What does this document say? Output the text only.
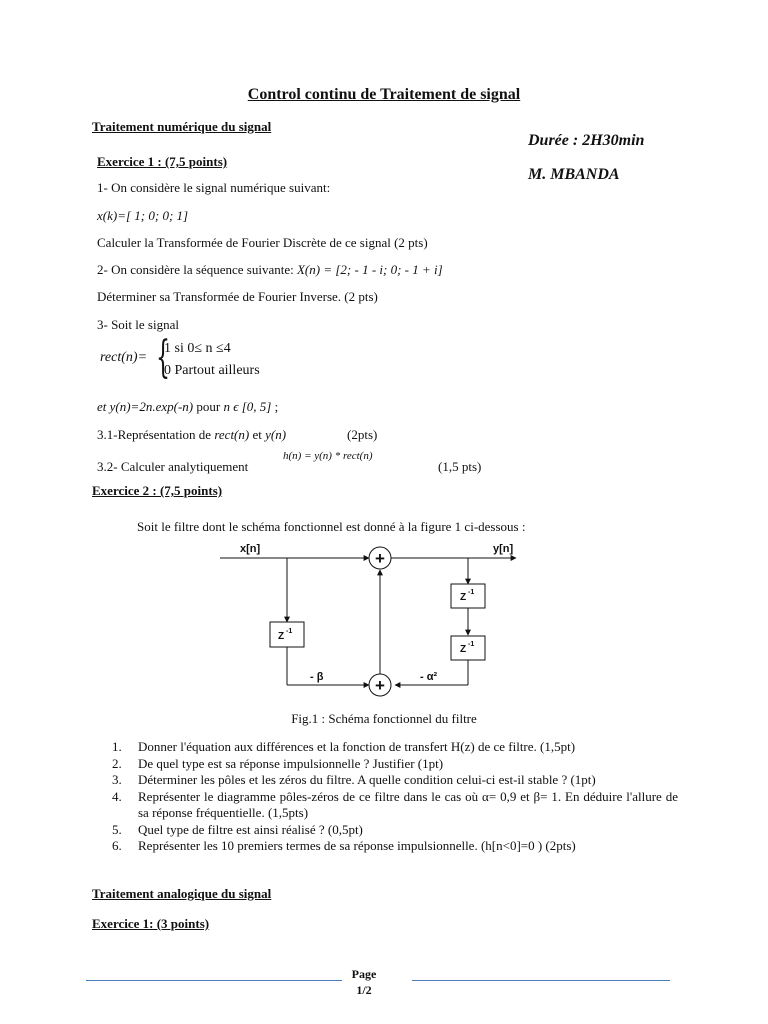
Control continu de Traitement de signal
Traitement numérique du signal
Durée : 2H30min
M. MBANDA
Exercice 1 : (7,5 points)
1- On considère le signal numérique suivant:
x(k)=[ 1; 0; 0; 1]
Calculer la Transformée de Fourier Discrète de ce signal (2 pts)
2- On considère la séquence suivante: X(n) = [2; - 1 - i; 0; - 1 + i]
Déterminer sa Transformée de Fourier Inverse. (2 pts)
3- Soit le signal
rect(n)= {
1 si 0≤ n ≤4
0 Partout ailleurs
et y(n)=2n.exp(-n) pour n ϵ [0, 5] ;
3.1-Représentation de rect(n) et y(n)	(2pts)
3.2- Calculer analytiquement
h(n) = y(n) * rect(n)
(1,5 pts)
Exercice 2 : (7,5 points)
Soit le filtre dont le schéma fonctionnel est donné à la figure 1 ci-dessous :
+
+
x[n]	y[n]
Z -1
Z -1
Z -1
- β	- α²
Fig.1 : Schéma fonctionnel du filtre
1.	Donner l'équation aux différences et la fonction de transfert H(z) de ce filtre. (1,5pt)
2.	De quel type est sa réponse impulsionnelle ? Justifier (1pt)
3.	Déterminer les pôles et les zéros du filtre. A quelle condition celui-ci est-il stable ? (1pt)
4.	Représenter le diagramme pôles-zéros de ce filtre dans le cas où α= 0,9 et β= 1. En déduire l'allure de sa réponse fréquentielle. (1,5pts)
5.	Quel type de filtre est ainsi réalisé ? (0,5pt)
6.	Représenter les 10 premiers termes de sa réponse impulsionnelle. (h[n<0]=0 ) (2pts)
Traitement analogique du signal
Exercice 1: (3 points)
Page 1/2
